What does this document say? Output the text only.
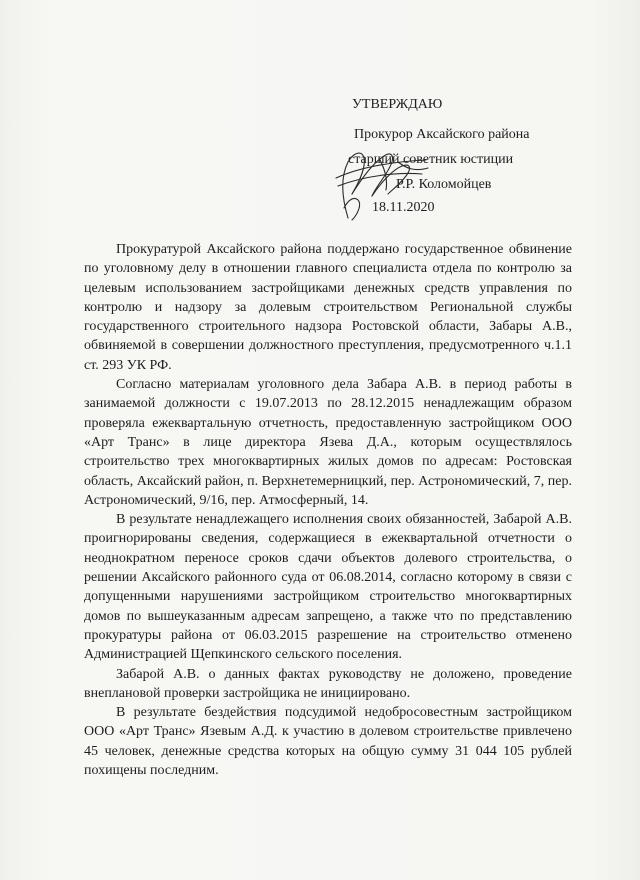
УТВЕРЖДАЮ
Прокурор Аксайского района
старший советник юстиции
Р.Р. Коломойцев
18.11.2020

Прокуратурой Аксайского района поддержано государственное обвинение по уголовному делу в отношении главного специалиста отдела по контролю за целевым использованием застройщиками денежных средств управления по контролю и надзору за долевым строительством Региональной службы государственного строительного надзора Ростовской области, Забары А.В., обвиняемой в совершении должностного преступления, предусмотренного ч.1.1 ст. 293 УК РФ.

Согласно материалам уголовного дела Забара А.В. в период работы в занимаемой должности с 19.07.2013 по 28.12.2015 ненадлежащим образом проверяла ежеквартальную отчетность, предоставленную застройщиком ООО «Арт Транс» в лице директора Язева Д.А., которым осуществлялось строительство трех многоквартирных жилых домов по адресам: Ростовская область, Аксайский район, п. Верхнетемерницкий, пер. Астрономический, 7, пер. Астрономический, 9/16, пер. Атмосферный, 14.

В результате ненадлежащего исполнения своих обязанностей, Забарой А.В. проигнорированы сведения, содержащиеся в ежеквартальной отчетности о неоднократном переносе сроков сдачи объектов долевого строительства, о решении Аксайского районного суда от 06.08.2014, согласно которому в связи с допущенными нарушениями застройщиком строительство многоквартирных домов по вышеуказанным адресам запрещено, а также что по представлению прокуратуры района от 06.03.2015 разрешение на строительство отменено Администрацией Щепкинского сельского поселения.

Забарой А.В. о данных фактах руководству не доложено, проведение внеплановой проверки застройщика не инициировано.

В результате бездействия подсудимой недобросовестным застройщиком ООО «Арт Транс» Язевым А.Д. к участию в долевом строительстве привлечено 45 человек, денежные средства которых на общую сумму 31 044 105 рублей похищены последним.
